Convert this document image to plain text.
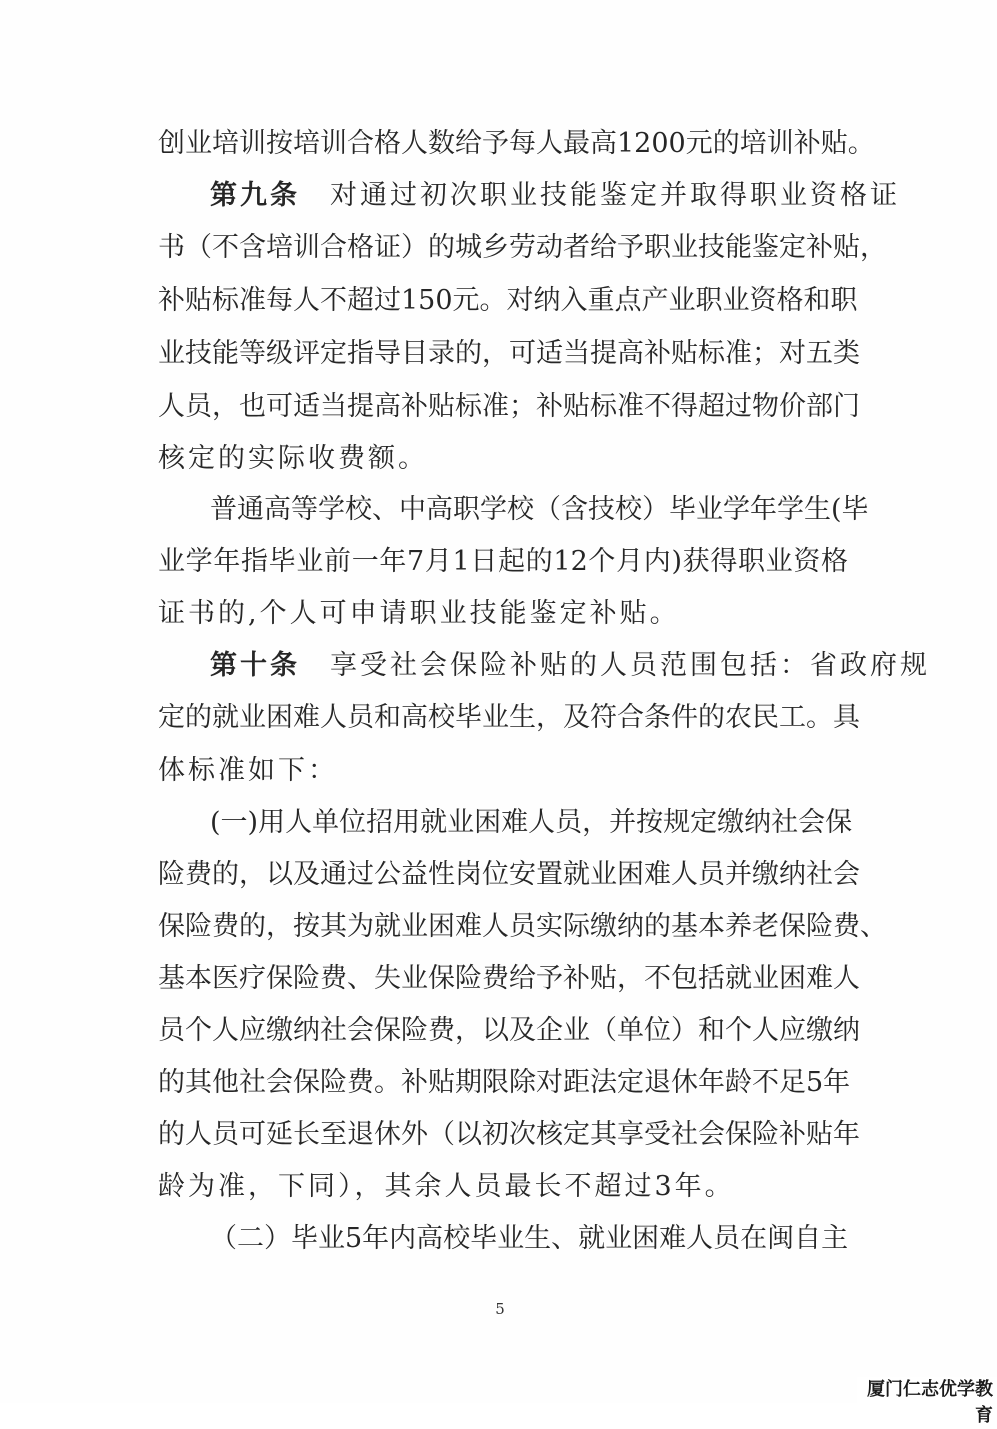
创业培训按培训合格人数给予每人最高1200元的培训补贴。
第九条 对通过初次职业技能鉴定并取得职业资格证
书（不含培训合格证）的城乡劳动者给予职业技能鉴定补贴，
补贴标准每人不超过150元。对纳入重点产业职业资格和职
业技能等级评定指导目录的，可适当提高补贴标准；对五类
人员，也可适当提高补贴标准；补贴标准不得超过物价部门
核定的实际收费额。
普通高等学校、中高职学校（含技校）毕业学年学生(毕
业学年指毕业前一年7月1日起的12个月内)获得职业资格
证书的,个人可申请职业技能鉴定补贴。
第十条 享受社会保险补贴的人员范围包括：省政府规
定的就业困难人员和高校毕业生，及符合条件的农民工。具
体标准如下：
(一)用人单位招用就业困难人员，并按规定缴纳社会保
险费的，以及通过公益性岗位安置就业困难人员并缴纳社会
保险费的，按其为就业困难人员实际缴纳的基本养老保险费、
基本医疗保险费、失业保险费给予补贴，不包括就业困难人
员个人应缴纳社会保险费，以及企业（单位）和个人应缴纳
的其他社会保险费。补贴期限除对距法定退休年龄不足5年
的人员可延长至退休外（以初次核定其享受社会保险补贴年
龄为准，下同），其余人员最长不超过3年。
（二）毕业5年内高校毕业生、就业困难人员在闽自主
5
厦门仁志优学教育
